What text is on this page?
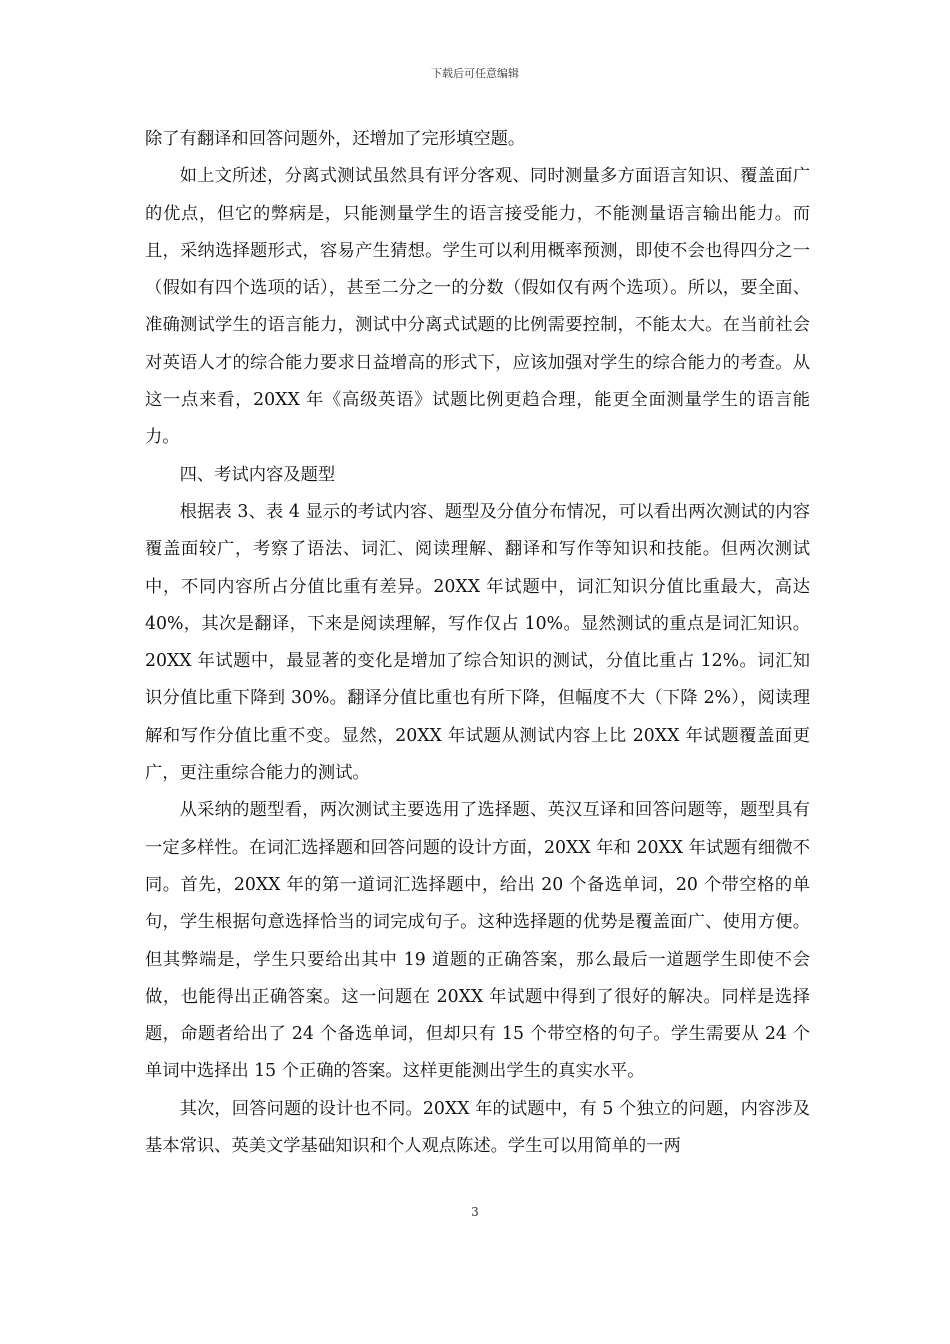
下载后可任意编辑

除了有翻译和回答问题外，还增加了完形填空题。

如上文所述，分离式测试虽然具有评分客观、同时测量多方面语言知识、覆盖面广的优点，但它的弊病是，只能测量学生的语言接受能力，不能测量语言输出能力。而且，采纳选择题形式，容易产生猜想。学生可以利用概率预测，即使不会也得四分之一（假如有四个选项的话），甚至二分之一的分数（假如仅有两个选项）。所以，要全面、准确测试学生的语言能力，测试中分离式试题的比例需要控制，不能太大。在当前社会对英语人才的综合能力要求日益增高的形式下，应该加强对学生的综合能力的考查。从这一点来看，20XX 年《高级英语》试题比例更趋合理，能更全面测量学生的语言能力。

四、考试内容及题型

根据表 3、表 4 显示的考试内容、题型及分值分布情况，可以看出两次测试的内容覆盖面较广，考察了语法、词汇、阅读理解、翻译和写作等知识和技能。但两次测试中，不同内容所占分值比重有差异。20XX 年试题中，词汇知识分值比重最大，高达 40%，其次是翻译，下来是阅读理解，写作仅占 10%。显然测试的重点是词汇知识。20XX 年试题中，最显著的变化是增加了综合知识的测试，分值比重占 12%。词汇知识分值比重下降到 30%。翻译分值比重也有所下降，但幅度不大（下降 2%），阅读理解和写作分值比重不变。显然，20XX 年试题从测试内容上比 20XX 年试题覆盖面更广，更注重综合能力的测试。

从采纳的题型看，两次测试主要选用了选择题、英汉互译和回答问题等，题型具有一定多样性。在词汇选择题和回答问题的设计方面，20XX 年和 20XX 年试题有细微不同。首先，20XX 年的第一道词汇选择题中，给出 20 个备选单词，20 个带空格的单句，学生根据句意选择恰当的词完成句子。这种选择题的优势是覆盖面广、使用方便。但其弊端是，学生只要给出其中 19 道题的正确答案，那么最后一道题学生即使不会做，也能得出正确答案。这一问题在 20XX 年试题中得到了很好的解决。同样是选择题，命题者给出了 24 个备选单词，但却只有 15 个带空格的句子。学生需要从 24 个单词中选择出 15 个正确的答案。这样更能测出学生的真实水平。

其次，回答问题的设计也不同。20XX 年的试题中，有 5 个独立的问题，内容涉及基本常识、英美文学基础知识和个人观点陈述。学生可以用简单的一两

3
